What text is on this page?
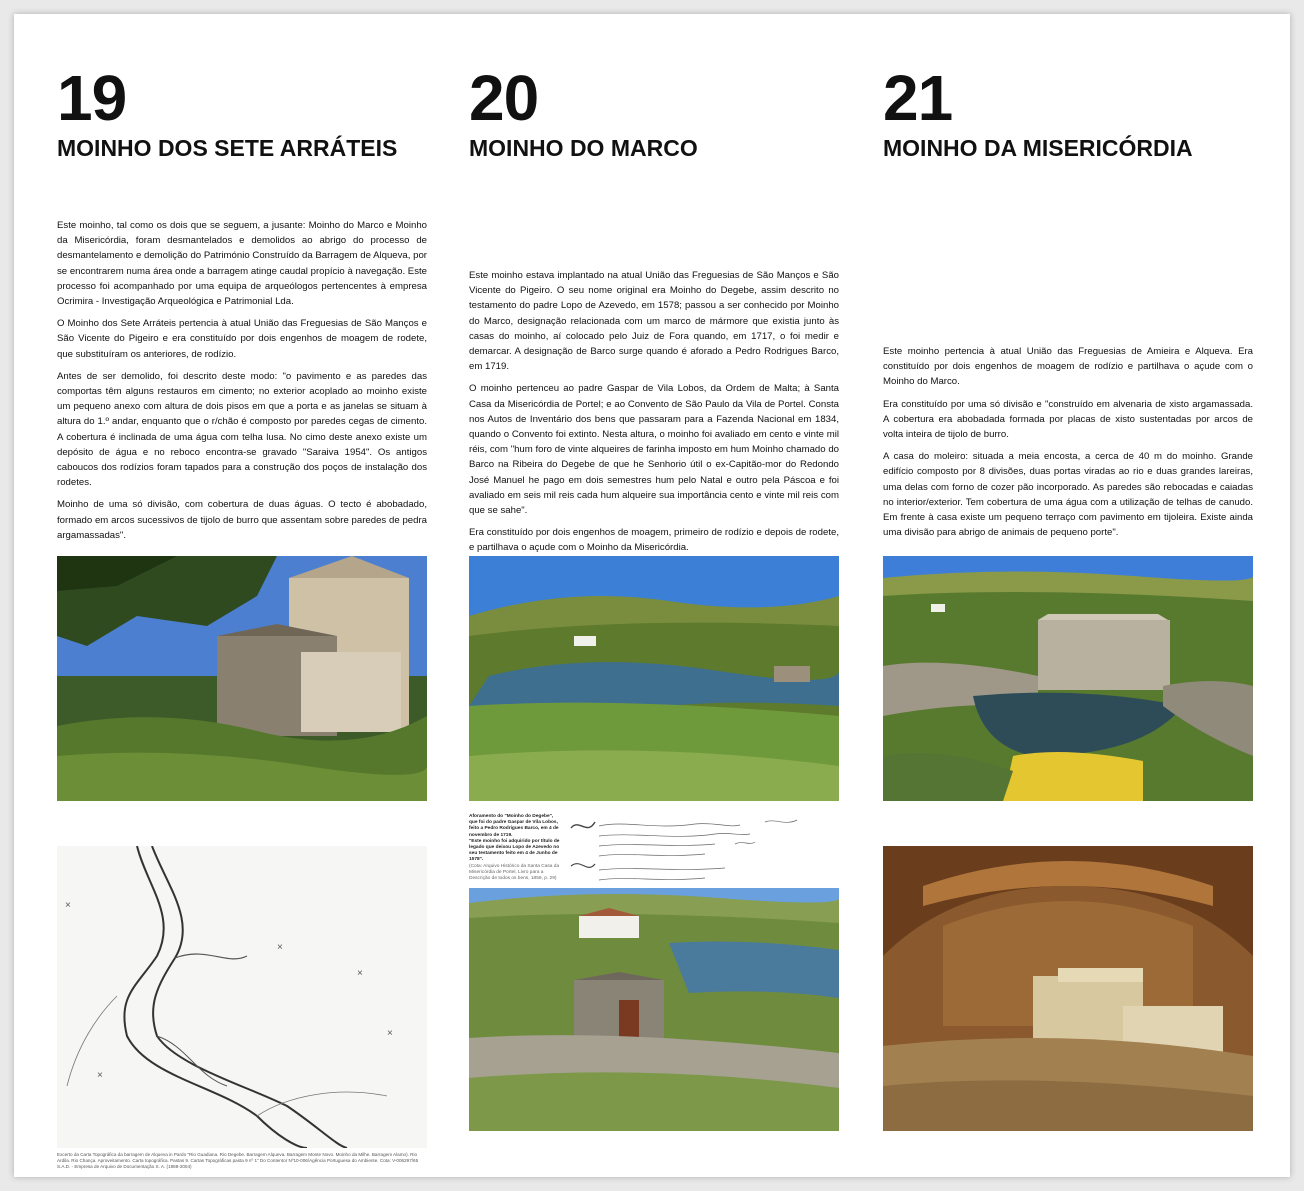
19
MOINHO DOS SETE ARRÁTEIS

Este moinho, tal como os dois que se seguem, a jusante: Moinho do Marco e Moinho da Misericórdia, foram desmantelados e demolidos ao abrigo do processo de desmantelamento e demolição do Património Construído da Barragem de Alqueva, por se encontrarem numa área onde a barragem atinge caudal propício à navegação. Este processo foi acompanhado por uma equipa de arqueólogos pertencentes à empresa Ocrimira - Investigação Arqueológica e Patrimonial Lda.

O Moinho dos Sete Arráteis pertencia à atual União das Freguesias de São Manços e São Vicente do Pigeiro e era constituído por dois engenhos de moagem de rodete, que substituíram os anteriores, de rodízio.

Antes de ser demolido, foi descrito deste modo: "o pavimento e as paredes das comportas têm alguns restauros em cimento; no exterior acoplado ao moinho existe um pequeno anexo com altura de dois pisos em que a porta e as janelas se situam à altura do 1.º andar, enquanto que o r/chão é composto por paredes cegas de cimento. A cobertura é inclinada de uma água com telha lusa. No cimo deste anexo existe um depósito de água e no reboco encontra-se gravado "Saraiva 1954". Os antigos caboucos dos rodízios foram tapados para a construção dos poços de instalação dos rodetes.

Moinho de uma só divisão, com cobertura de duas águas. O tecto é abobadado, formado em arcos sucessivos de tijolo de burro que assentam sobre paredes de pedra argamassadas".

×
×
×
×
×
Excerto da Carta Topográfica da barragem de Alqueva in Pardo "Rio Guadiana. Rio Degebe. Barragem Alqueva. Barragem Monte Novo. Moinho da Milhe. Barragem Alamo). Rio Ardila. Rio Chança. Aproveitamento. Carta topográfica. Pastas 9. Cartas Topográficas pasta 9 nº 1" Do Contentor Nº10-006/Agência Portuguesa do Ambiente. Cota: V-006297/65 S.A.D. - Empresa de Arquivo de Documentação S. A. (1988-2004)
20
MOINHO DO MARCO

Este moinho estava implantado na atual União das Freguesias de São Manços e São Vicente do Pigeiro. O seu nome original era Moinho do Degebe, assim descrito no testamento do padre Lopo de Azevedo, em 1578; passou a ser conhecido por Moinho do Marco, designação relacionada com um marco de mármore que existia junto às casas do moinho, aí colocado pelo Juiz de Fora quando, em 1717, o foi medir e demarcar. A designação de Barco surge quando é aforado a Pedro Rodrigues Barco, em 1719.

O moinho pertenceu ao padre Gaspar de Vila Lobos, da Ordem de Malta; à Santa Casa da Misericórdia de Portel; e ao Convento de São Paulo da Vila de Portel. Consta nos Autos de Inventário dos bens que passaram para a Fazenda Nacional em 1834, quando o Convento foi extinto. Nesta altura, o moinho foi avaliado em cento e vinte mil réis, com "hum foro de vinte alqueires de farinha imposto em hum Moinho chamado do Barco na Ribeira do Degebe de que he Senhorio útil o ex-Capitão-mor do Redondo José Manuel he pago em dois semestres hum pelo Natal e outro pela Páscoa e foi avaliado em seis mil reis cada hum alqueire sua importância cento e vinte mil reis com que se sahe".

Era constituído por dois engenhos de moagem, primeiro de rodízio e depois de rodete, e partilhava o açude com o Moinho da Misericórdia.

Aforamento do "Moinho do Degebe", que foi do padre Gaspar de Vila Lobos, feito a Pedro Rodrigues Barco, em 4 de novembro de 1719.
"Este moinho foi adquirido por título de legado que deixou Lopo de Azevedo no seu testamento feito em 4 de Junho de 1578".
(Cota: Arquivo Histórico da Santa Casa da Misericórdia de Portel, Livro para a Descrição de todos os bens, 1859, p. 29)
21
MOINHO DA MISERICÓRDIA

Este moinho pertencia à atual União das Freguesias de Amieira e Alqueva. Era constituído por dois engenhos de moagem de rodízio e partilhava o açude com o Moinho do Marco.

Era constituído por uma só divisão e "construído em alvenaria de xisto argamassada. A cobertura era abobadada formada por placas de xisto sustentadas por arcos de volta inteira de tijolo de burro.

A casa do moleiro: situada a meia encosta, a cerca de 40 m do moinho. Grande edifício composto por 8 divisões, duas portas viradas ao rio e duas grandes lareiras, uma delas com forno de cozer pão incorporado. As paredes são rebocadas e caiadas no interior/exterior. Tem cobertura de uma água com a utilização de telhas de canudo. Em frente à casa existe um pequeno terraço com pavimento em tijoleira. Existe ainda uma divisão para abrigo de animais de pequeno porte".
